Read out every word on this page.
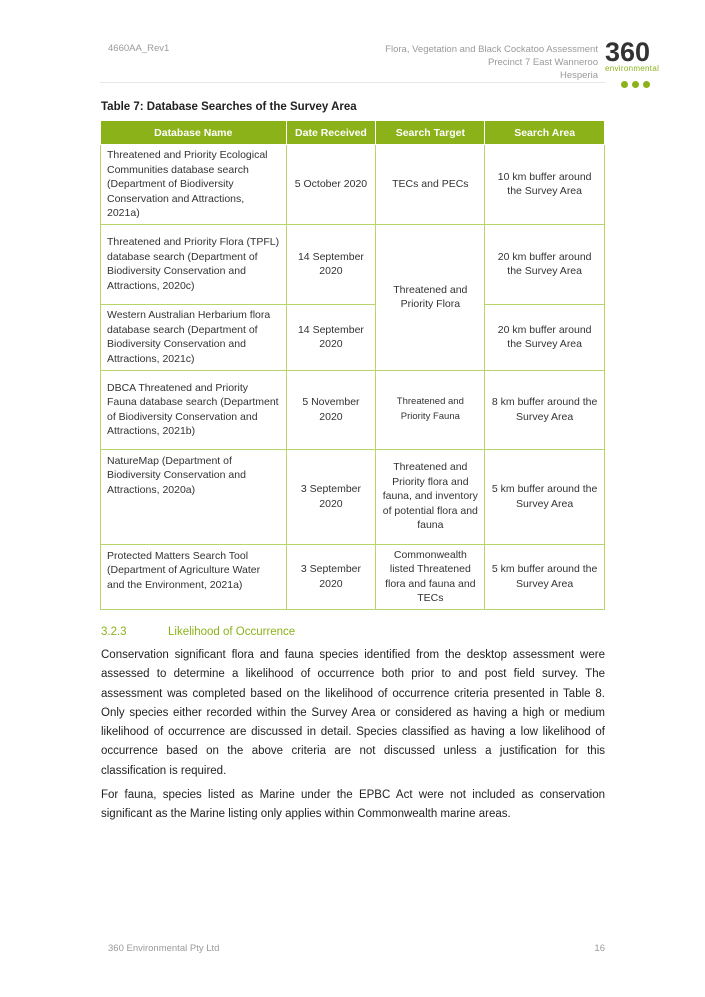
4660AA_Rev1	Flora, Vegetation and Black Cockatoo Assessment
Precinct 7 East Wanneroo
Hesperia
360
environmental
Table 7: Database Searches of the Survey Area
Database Name	Date Received	Search Target	Search Area
Threatened and Priority Ecological Communities database search (Department of Biodiversity Conservation and Attractions, 2021a)	5 October 2020	TECs and PECs	10 km buffer around the Survey Area
Threatened and Priority Flora (TPFL) database search (Department of Biodiversity Conservation and Attractions, 2020c)	14 September 2020	Threatened and Priority Flora	20 km buffer around the Survey Area
Western Australian Herbarium flora database search (Department of Biodiversity Conservation and Attractions, 2021c)	14 September 2020		20 km buffer around the Survey Area
DBCA Threatened and Priority Fauna database search (Department of Biodiversity Conservation and Attractions, 2021b)	5 November 2020	Threatened and Priority Fauna	8 km buffer around the Survey Area
NatureMap (Department of Biodiversity Conservation and Attractions, 2020a)	3 September 2020	Threatened and Priority flora and fauna, and inventory of potential flora and fauna	5 km buffer around the Survey Area
Protected Matters Search Tool (Department of Agriculture Water and the Environment, 2021a)	3 September 2020	Commonwealth listed Threatened flora and fauna and TECs	5 km buffer around the Survey Area
3.2.3	Likelihood of Occurrence
Conservation significant flora and fauna species identified from the desktop assessment were assessed to determine a likelihood of occurrence both prior to and post field survey. The assessment was completed based on the likelihood of occurrence criteria presented in Table 8. Only species either recorded within the Survey Area or considered as having a high or medium likelihood of occurrence are discussed in detail. Species classified as having a low likelihood of occurrence based on the above criteria are not discussed unless a justification for this classification is required.
For fauna, species listed as Marine under the EPBC Act were not included as conservation significant as the Marine listing only applies within Commonwealth marine areas.
360 Environmental Pty Ltd	16
